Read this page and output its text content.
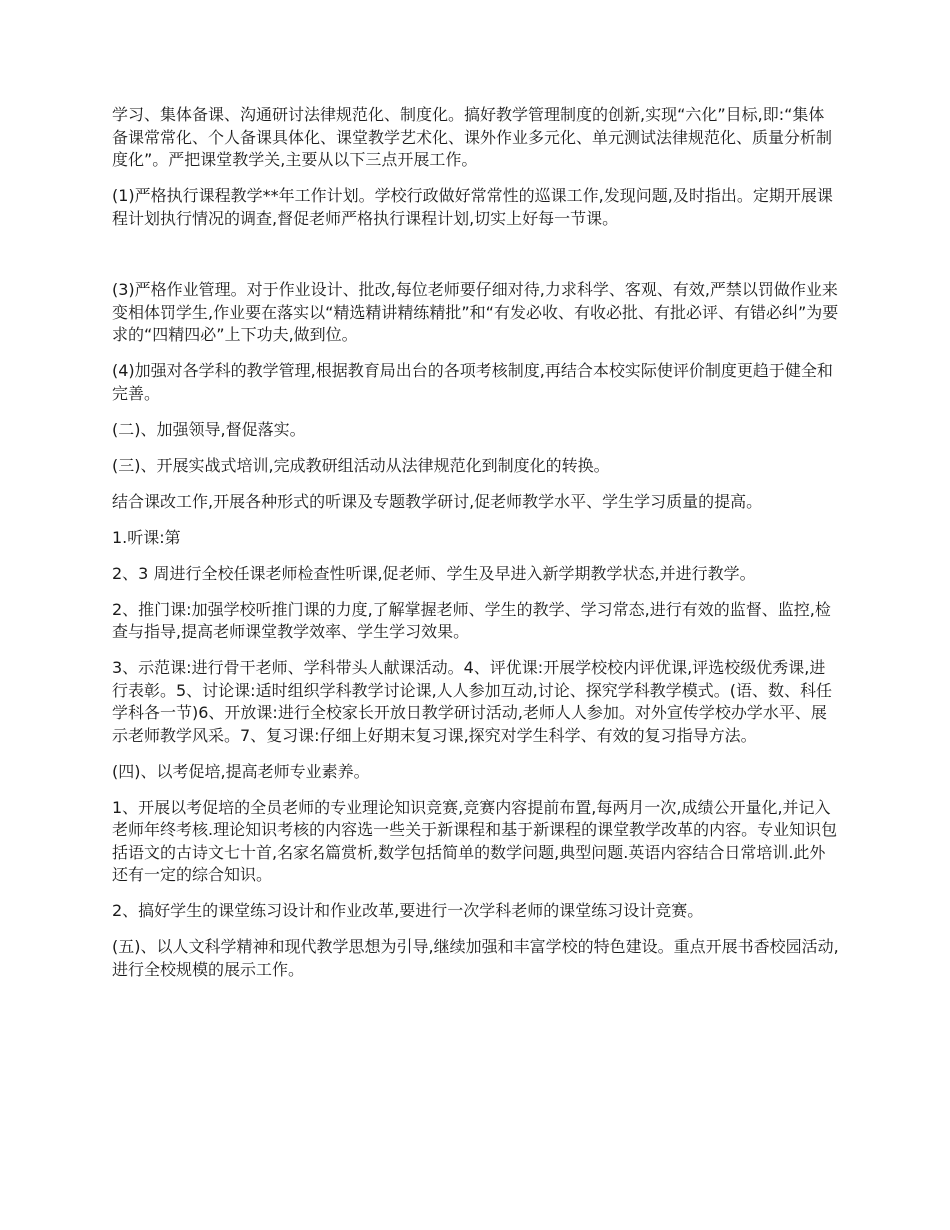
学习、集体备课、沟通研讨法律规范化、制度化。搞好教学管理制度的创新,实现“六化”目标,即:“集体备课常常化、个人备课具体化、课堂教学艺术化、课外作业多元化、单元测试法律规范化、质量分析制度化”。严把课堂教学关,主要从以下三点开展工作。

(1)严格执行课程教学**年工作计划。学校行政做好常常性的巡课工作,发现问题,及时指出。定期开展课程计划执行情况的调查,督促老师严格执行课程计划,切实上好每一节课。

(3)严格作业管理。对于作业设计、批改,每位老师要仔细对待,力求科学、客观、有效,严禁以罚做作业来变相体罚学生,作业要在落实以“精选精讲精练精批”和“有发必收、有收必批、有批必评、有错必纠”为要求的“四精四必”上下功夫,做到位。

(4)加强对各学科的教学管理,根据教育局出台的各项考核制度,再结合本校实际使评价制度更趋于健全和完善。

(二)、加强领导,督促落实。

(三)、开展实战式培训,完成教研组活动从法律规范化到制度化的转换。

结合课改工作,开展各种形式的听课及专题教学研讨,促老师教学水平、学生学习质量的提高。

1.听课:第

2、3 周进行全校任课老师检查性听课,促老师、学生及早进入新学期教学状态,并进行教学。

2、推门课:加强学校听推门课的力度,了解掌握老师、学生的教学、学习常态,进行有效的监督、监控,检查与指导,提高老师课堂教学效率、学生学习效果。

3、示范课:进行骨干老师、学科带头人献课活动。4、评优课:开展学校校内评优课,评选校级优秀课,进行表彰。5、讨论课:适时组织学科教学讨论课,人人参加互动,讨论、探究学科教学模式。(语、数、科任学科各一节)6、开放课:进行全校家长开放日教学研讨活动,老师人人参加。对外宣传学校办学水平、展示老师教学风采。7、复习课:仔细上好期末复习课,探究对学生科学、有效的复习指导方法。

(四)、以考促培,提高老师专业素养。

1、开展以考促培的全员老师的专业理论知识竞赛,竞赛内容提前布置,每两月一次,成绩公开量化,并记入老师年终考核.理论知识考核的内容选一些关于新课程和基于新课程的课堂教学改革的内容。专业知识包括语文的古诗文七十首,名家名篇赏析,数学包括简单的数学问题,典型问题.英语内容结合日常培训.此外还有一定的综合知识。

2、搞好学生的课堂练习设计和作业改革,要进行一次学科老师的课堂练习设计竞赛。

(五)、以人文科学精神和现代教学思想为引导,继续加强和丰富学校的特色建设。重点开展书香校园活动,进行全校规模的展示工作。
